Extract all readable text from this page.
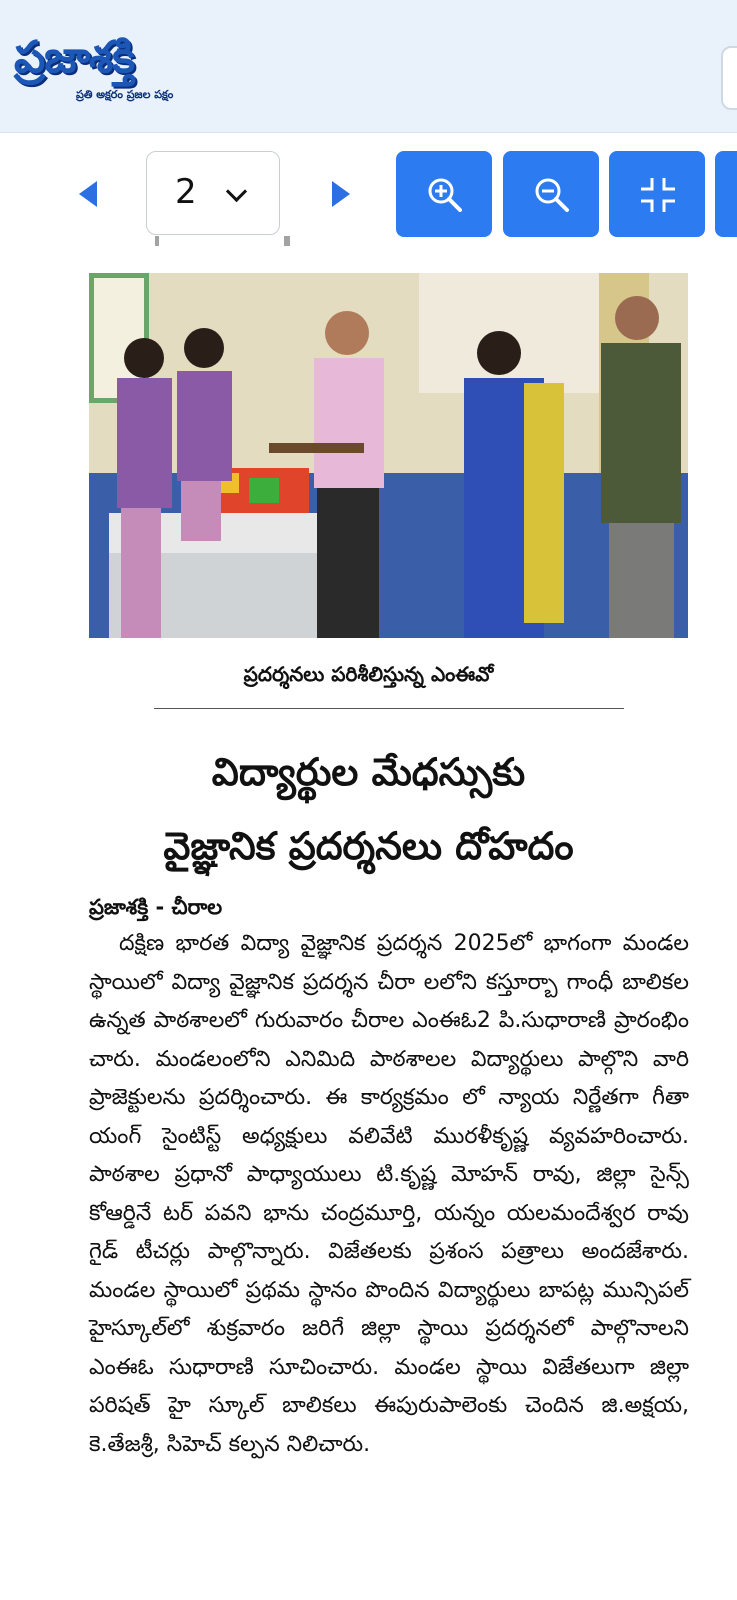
ప్రజాశక్తి
ప్రతి అక్షరం ప్రజల పక్షం
2
ప్రదర్శనలు పరిశీలిస్తున్న ఎంఈవో
విద్యార్థుల మేధస్సుకు
వైజ్ఞానిక ప్రదర్శనలు దోహదం
ప్రజాశక్తి - చీరాల
దక్షిణ భారత విద్యా వైజ్ఞానిక ప్రదర్శన 2025లో భాగంగా మండల స్థాయిలో విద్యా వైజ్ఞానిక ప్రదర్శన చీరా లలోని కస్తూర్బా గాంధీ బాలికల ఉన్నత పాఠశాలలో గురువారం చీరాల ఎంఈఓ2 పి.సుధారాణి ప్రారంభిం చారు. మండలంలోని ఎనిమిది పాఠశాలల విద్యార్థులు పాల్గొని వారి ప్రాజెక్టులను ప్రదర్శించారు. ఈ కార్యక్రమం లో న్యాయ నిర్ణేతగా గీతా యంగ్ సైంటిస్ట్ అధ్యక్షులు వలివేటి మురళీకృష్ణ వ్యవహరించారు. పాఠశాల ప్రధానో పాధ్యాయులు టి.కృష్ణ మోహన్ రావు, జిల్లా సైన్స్ కోఆర్డినే టర్ పవని భాను చంద్రమూర్తి, యన్నం యలమందేశ్వర రావు గైడ్ టీచర్లు పాల్గొన్నారు. విజేతలకు ప్రశంస పత్రాలు అందజేశారు. మండల స్థాయిలో ప్రథమ స్థానం పొందిన విద్యార్థులు బాపట్ల మున్సిపల్ హైస్కూల్‌లో శుక్రవారం జరిగే జిల్లా స్థాయి ప్రదర్శనలో పాల్గొనాలని ఎంఈఓ సుధారాణి సూచించారు. మండల స్థాయి విజేతలుగా జిల్లా పరిషత్ హై స్కూల్ బాలికలు ఈపురుపాలెంకు చెందిన జి.అక్షయ, కె.తేజశ్రీ, సిహెచ్ కల్పన నిలిచారు.
